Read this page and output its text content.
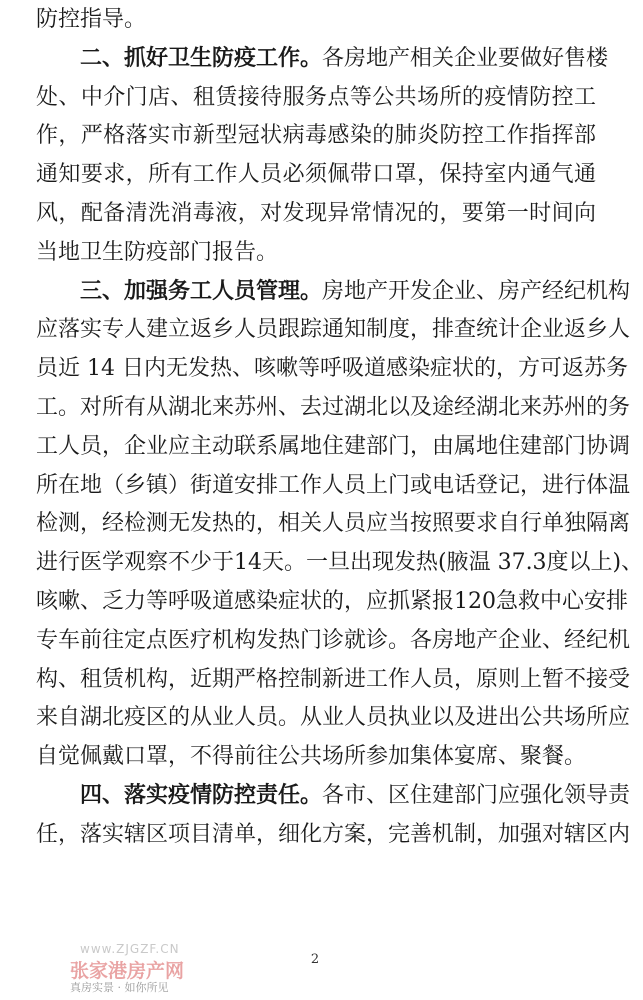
防控指导。
二、抓好卫生防疫工作。各房地产相关企业要做好售楼
处、中介门店、租赁接待服务点等公共场所的疫情防控工
作，严格落实市新型冠状病毒感染的肺炎防控工作指挥部
通知要求，所有工作人员必须佩带口罩，保持室内通气通
风，配备清洗消毒液，对发现异常情况的，要第一时间向
当地卫生防疫部门报告。
三、加强务工人员管理。房地产开发企业、房产经纪机构
应落实专人建立返乡人员跟踪通知制度，排查统计企业返乡人
员近 14 日内无发热、咳嗽等呼吸道感染症状的，方可返苏务
工。对所有从湖北来苏州、去过湖北以及途经湖北来苏州的务
工人员，企业应主动联系属地住建部门，由属地住建部门协调
所在地（乡镇）街道安排工作人员上门或电话登记，进行体温
检测，经检测无发热的，相关人员应当按照要求自行单独隔离
进行医学观察不少于14天。一旦出现发热(腋温 37.3度以上)、
咳嗽、乏力等呼吸道感染症状的，应抓紧报120急救中心安排
专车前往定点医疗机构发热门诊就诊。各房地产企业、经纪机
构、租赁机构，近期严格控制新进工作人员，原则上暂不接受
来自湖北疫区的从业人员。从业人员执业以及进出公共场所应
自觉佩戴口罩，不得前往公共场所参加集体宴席、聚餐。
四、落实疫情防控责任。各市、区住建部门应强化领导责
任，落实辖区项目清单，细化方案，完善机制，加强对辖区内
2
www.ZJGZF.CN
张家港房产网
真房实景 · 如你所见
